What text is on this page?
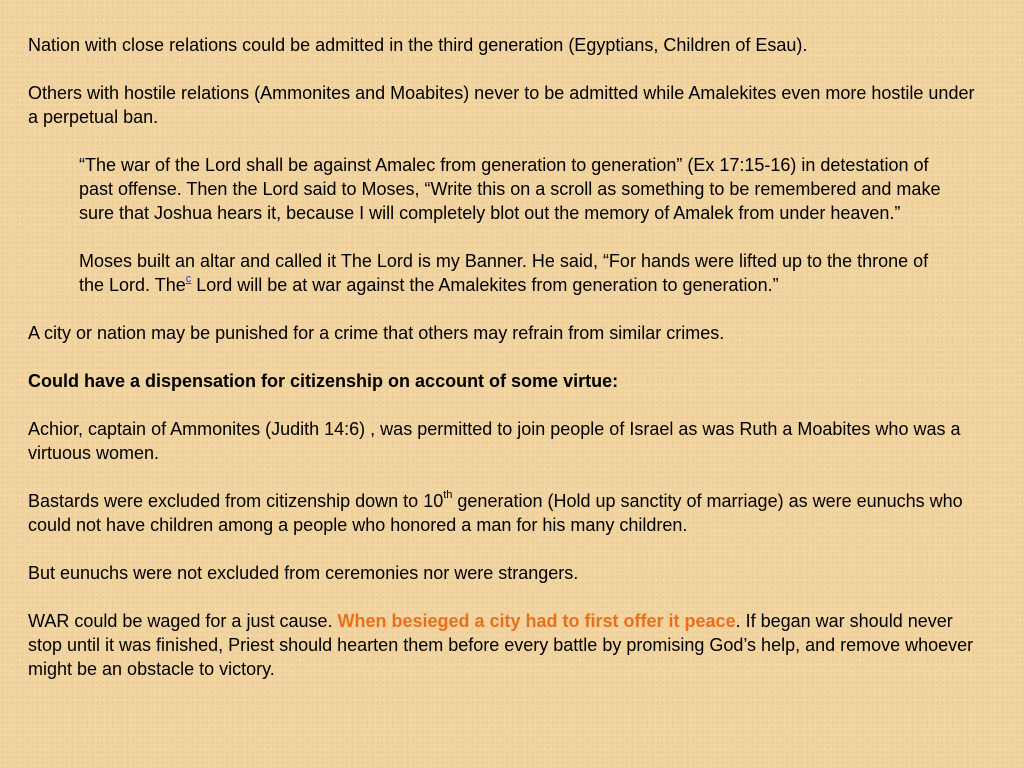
Nation with close relations could be admitted in the third generation (Egyptians, Children of Esau).

Others with hostile relations (Ammonites and Moabites) never to be admitted while Amalekites even more hostile under a perpetual ban.

“The war of the Lord shall be against Amalec from generation to generation” (Ex 17:15-16) in detestation of past offense. Then the Lord said to Moses, “Write this on a scroll as something to be remembered and make sure that Joshua hears it, because I will completely blot out the memory of Amalek from under heaven.”

Moses built an altar and called it The Lord is my Banner. He said, “For hands were lifted up to the throne of the Lord. The$^c$ Lord will be at war against the Amalekites from generation to generation.”

A city or nation may be punished for a crime that others may refrain from similar crimes.

Could have a dispensation for citizenship on account of some virtue:

Achior, captain of Ammonites (Judith 14:6) , was permitted to join people of Israel as was Ruth a Moabites who was a virtuous women.

Bastards were excluded from citizenship down to 10th generation (Hold up sanctity of marriage) as were eunuchs who could not have children among a people who honored a man for his many children.

But eunuchs were not excluded from ceremonies nor were strangers.

WAR could be waged for a just cause. When besieged a city had to first offer it peace. If began war should never stop until it was finished, Priest should hearten them before every battle by promising God’s help, and remove whoever might be an obstacle to victory.
